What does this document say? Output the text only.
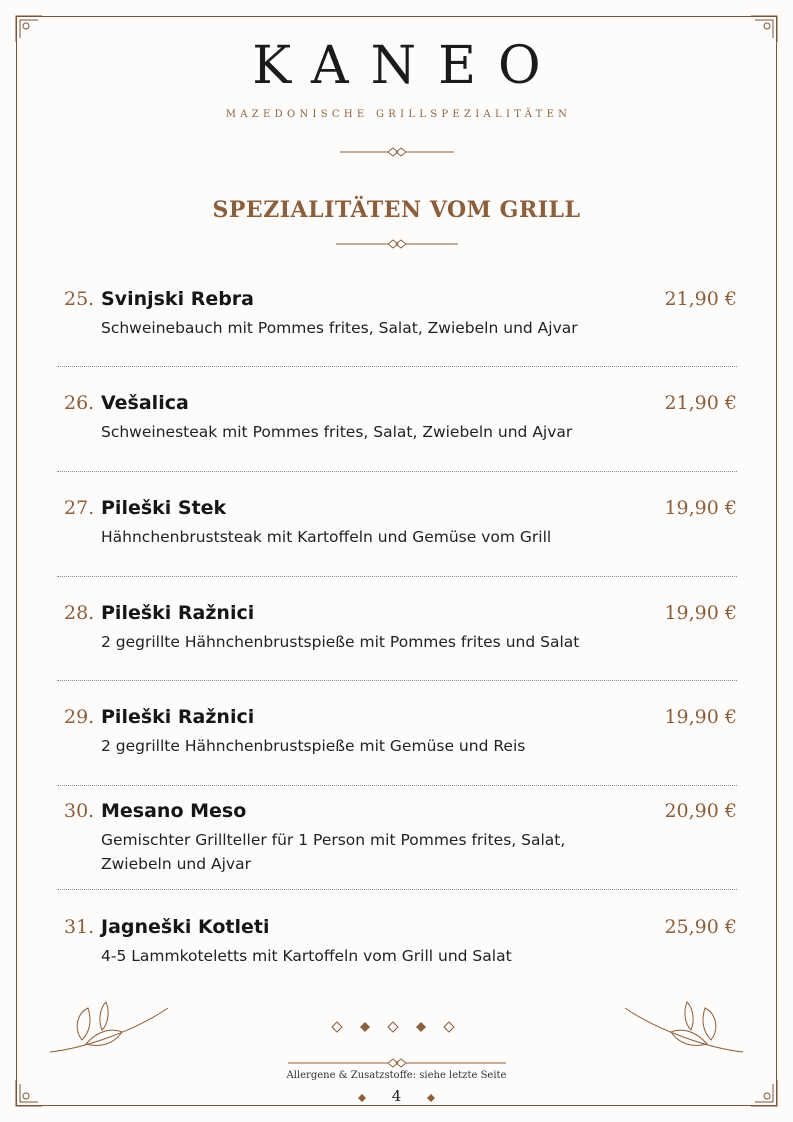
KANEO
MAZEDONISCHE GRILLSPEZIALITÄTEN
SPEZIALITÄTEN VOM GRILL
25. Svinjski Rebra	21,90 €
Schweinebauch mit Pommes frites, Salat, Zwiebeln und Ajvar
26. Vešalica	21,90 €
Schweinesteak mit Pommes frites, Salat, Zwiebeln und Ajvar
27. Pileški Stek	19,90 €
Hähnchenbruststeak mit Kartoffeln und Gemüse vom Grill
28. Pileški Ražnici	19,90 €
2 gegrillte Hähnchenbrustspieße mit Pommes frites und Salat
29. Pileški Ražnici	19,90 €
2 gegrillte Hähnchenbrustspieße mit Gemüse und Reis
30. Mesano Meso	20,90 €
Gemischter Grillteller für 1 Person mit Pommes frites, Salat, Zwiebeln und Ajvar
31. Jagneški Kotleti	25,90 €
4-5 Lammkoteletts mit Kartoffeln vom Grill und Salat
Allergene & Zusatzstoffe: siehe letzte Seite
4
